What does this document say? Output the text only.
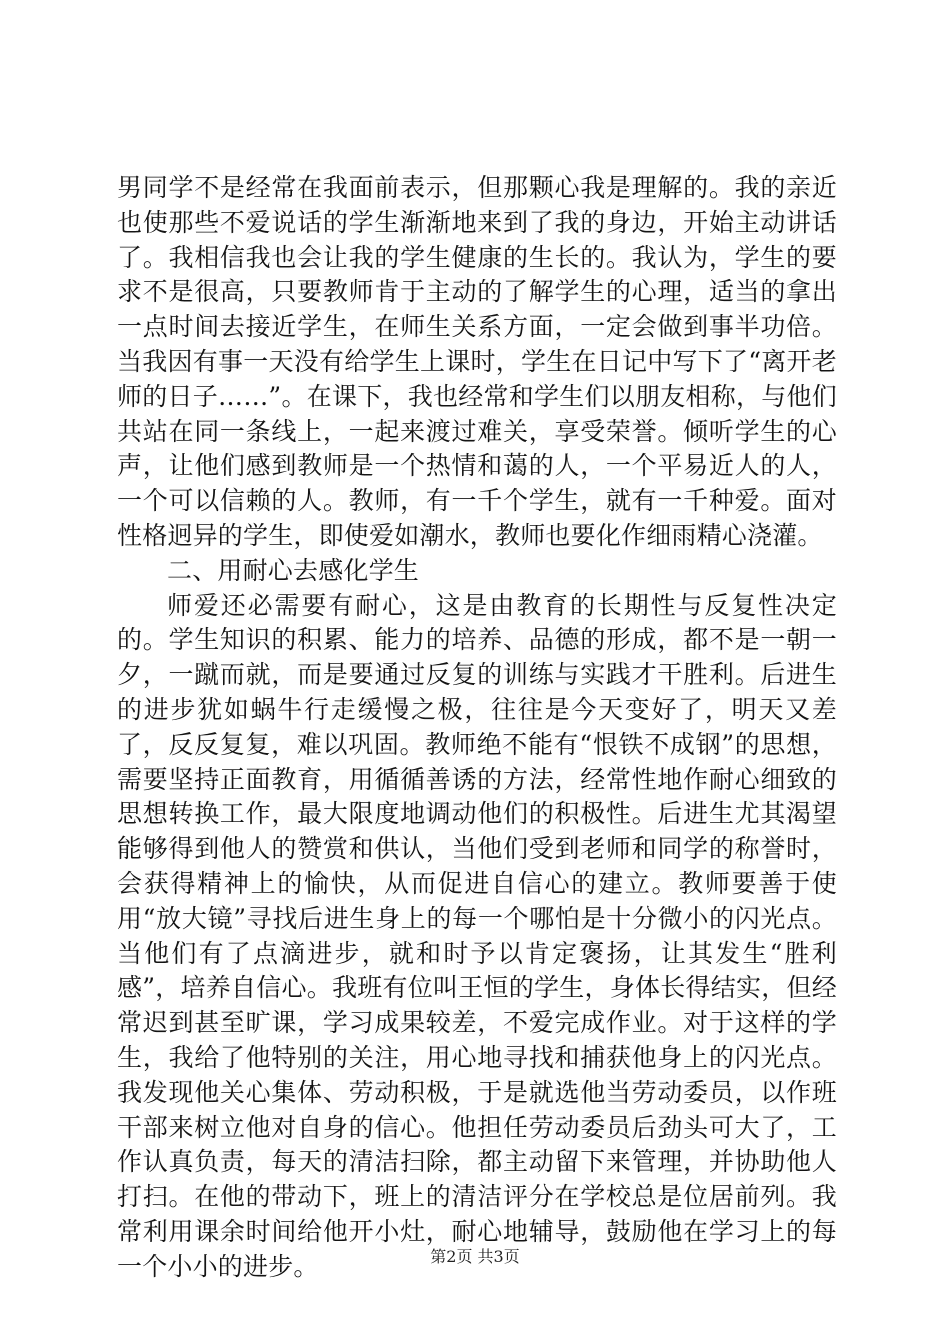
男同学不是经常在我面前表示，但那颗心我是理解的。我的亲近也使那些不爱说话的学生渐渐地来到了我的身边，开始主动讲话了。我相信我也会让我的学生健康的生长的。我认为，学生的要求不是很高，只要教师肯于主动的了解学生的心理，适当的拿出一点时间去接近学生，在师生关系方面，一定会做到事半功倍。当我因有事一天没有给学生上课时，学生在日记中写下了“离开老师的日子……”。在课下，我也经常和学生们以朋友相称，与他们共站在同一条线上，一起来渡过难关，享受荣誉。倾听学生的心声，让他们感到教师是一个热情和蔼的人，一个平易近人的人，一个可以信赖的人。教师，有一千个学生，就有一千种爱。面对性格迥异的学生，即使爱如潮水，教师也要化作细雨精心浇灌。

二、用耐心去感化学生

师爱还必需要有耐心，这是由教育的长期性与反复性决定的。学生知识的积累、能力的培养、品德的形成，都不是一朝一夕，一蹴而就，而是要通过反复的训练与实践才干胜利。后进生的进步犹如蜗牛行走缓慢之极，往往是今天变好了，明天又差了，反反复复，难以巩固。教师绝不能有“恨铁不成钢”的思想，需要坚持正面教育，用循循善诱的方法，经常性地作耐心细致的思想转换工作，最大限度地调动他们的积极性。后进生尤其渴望能够得到他人的赞赏和供认，当他们受到老师和同学的称誉时，会获得精神上的愉快，从而促进自信心的建立。教师要善于使用“放大镜”寻找后进生身上的每一个哪怕是十分微小的闪光点。当他们有了点滴进步，就和时予以肯定褒扬，让其发生“胜利感”，培养自信心。我班有位叫王恒的学生，身体长得结实，但经常迟到甚至旷课，学习成果较差，不爱完成作业。对于这样的学生，我给了他特别的关注，用心地寻找和捕获他身上的闪光点。我发现他关心集体、劳动积极，于是就选他当劳动委员，以作班干部来树立他对自身的信心。他担任劳动委员后劲头可大了，工作认真负责，每天的清洁扫除，都主动留下来管理，并协助他人打扫。在他的带动下，班上的清洁评分在学校总是位居前列。我常利用课余时间给他开小灶，耐心地辅导，鼓励他在学习上的每一个小小的进步。	第2页 共3页
